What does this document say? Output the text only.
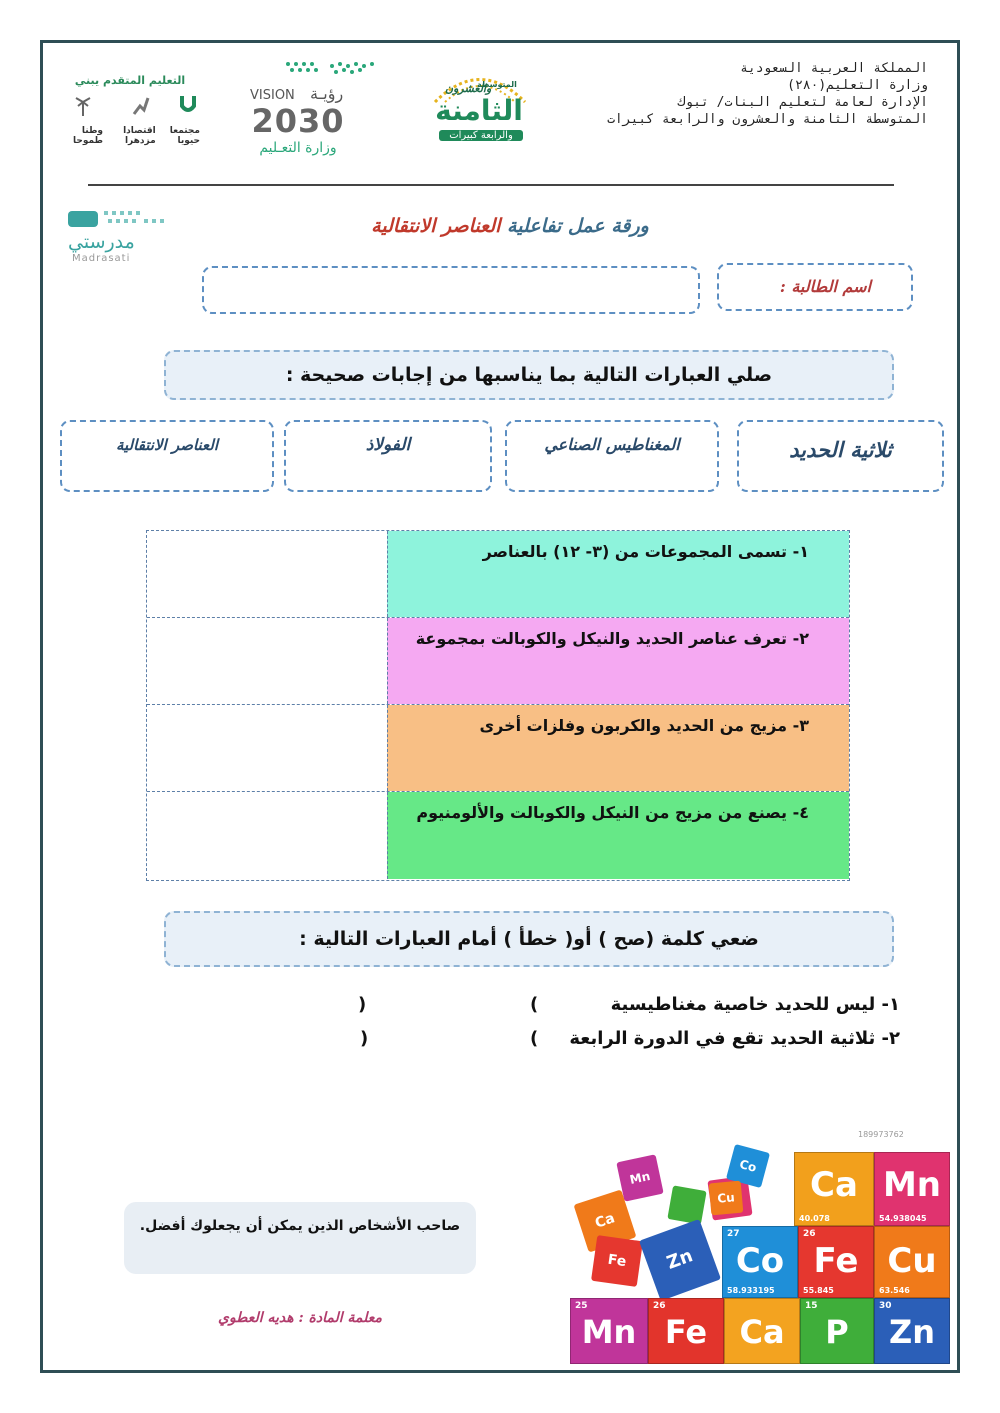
المملكة العربية السعودية
وزارة التعليم(٢٨٠)
الإدارة لعامة لتعليم البنات/ تبوك
المتوسطة الثامنة والعشرون والرابعة كبيرات
المتوسطة
والعشرون
الثامنة
والرابعة كبيرات
VISION رؤيـة
2030
وزارة التعـليم
التعليم المتقدم يبني
مجتمعا حيويا
اقتصادا مزدهرا
وطنا طموحا
مدرستي
Madrasati
ورقة عمل تفاعلية العناصر الانتقالية
اسم الطالبة :
صلي العبارات التالية بما يناسبها من إجابات صحيحة :
ثلاثية الحديد
المغناطيس الصناعي
الفولاذ
العناصر الانتقالية
١- تسمى المجموعات من (٣- ١٢) بالعناصر
٢- تعرف عناصر الحديد والنيكل والكوبالت بمجموعة
٣- مزيج من الحديد والكربون وفلزات أخرى
٤- يصنع من مزيج من النيكل والكوبالت والألومنيوم
ضعي كلمة (صح ) أو( خطأ ) أمام العبارات التالية :
١- ليس للحديد خاصية مغناطيسية
)
(
٢- ثلاثية الحديد تقع في الدورة الرابعة
)
(
صاحب الأشخاص الذين يمكن أن يجعلوك أفضل.
معلمة المادة : هديه العطوي
189973762
Mn
Co
Cu
Ca
Fe	Zn
Ca
40.078
Mn
54.938045
27
Co
58.933195
26
Fe
55.845
Cu
63.546
25
Mn
26
Fe	Ca
15
P
30
Zn
